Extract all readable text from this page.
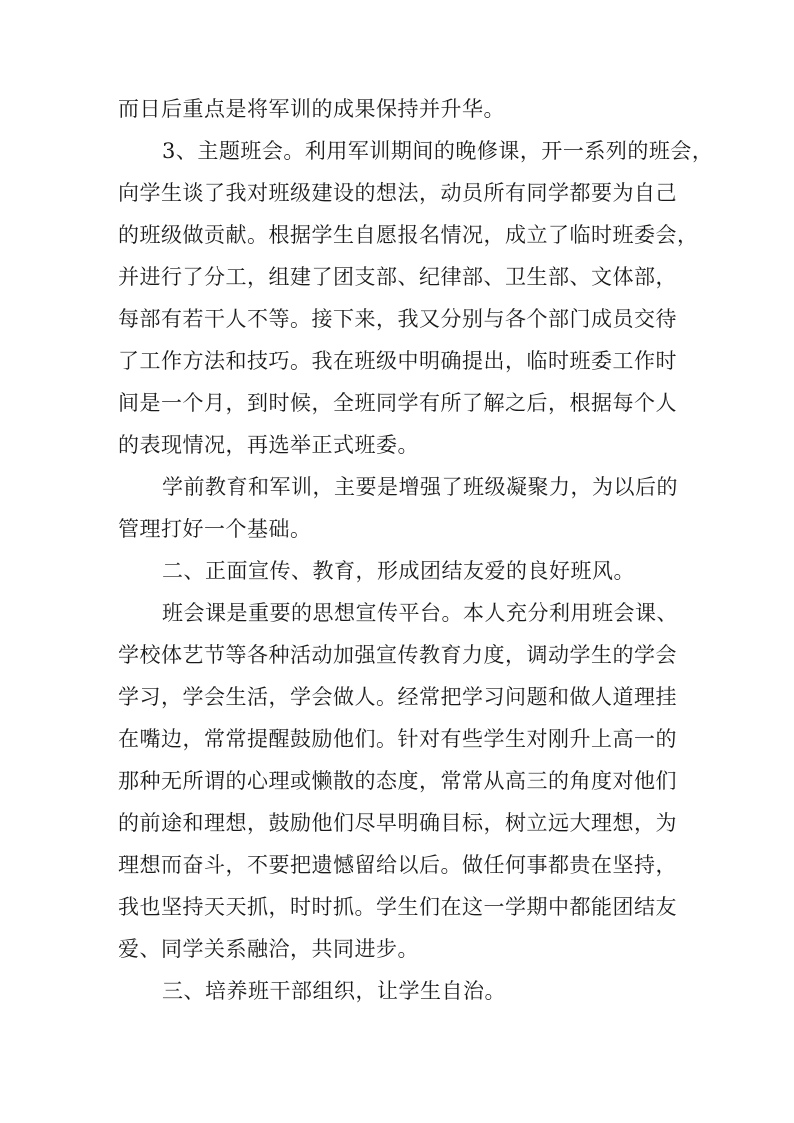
而日后重点是将军训的成果保持并升华。
3、主题班会。利用军训期间的晚修课，开一系列的班会，
向学生谈了我对班级建设的想法，动员所有同学都要为自己
的班级做贡献。根据学生自愿报名情况，成立了临时班委会，
并进行了分工，组建了团支部、纪律部、卫生部、文体部，
每部有若干人不等。接下来，我又分别与各个部门成员交待
了工作方法和技巧。我在班级中明确提出，临时班委工作时
间是一个月，到时候，全班同学有所了解之后，根据每个人
的表现情况，再选举正式班委。
学前教育和军训，主要是增强了班级凝聚力，为以后的
管理打好一个基础。
二、正面宣传、教育，形成团结友爱的良好班风。
班会课是重要的思想宣传平台。本人充分利用班会课、
学校体艺节等各种活动加强宣传教育力度，调动学生的学会
学习，学会生活，学会做人。经常把学习问题和做人道理挂
在嘴边，常常提醒鼓励他们。针对有些学生对刚升上高一的
那种无所谓的心理或懒散的态度，常常从高三的角度对他们
的前途和理想，鼓励他们尽早明确目标，树立远大理想，为
理想而奋斗，不要把遗憾留给以后。做任何事都贵在坚持，
我也坚持天天抓，时时抓。学生们在这一学期中都能团结友
爱、同学关系融洽，共同进步。
三、培养班干部组织，让学生自治。
